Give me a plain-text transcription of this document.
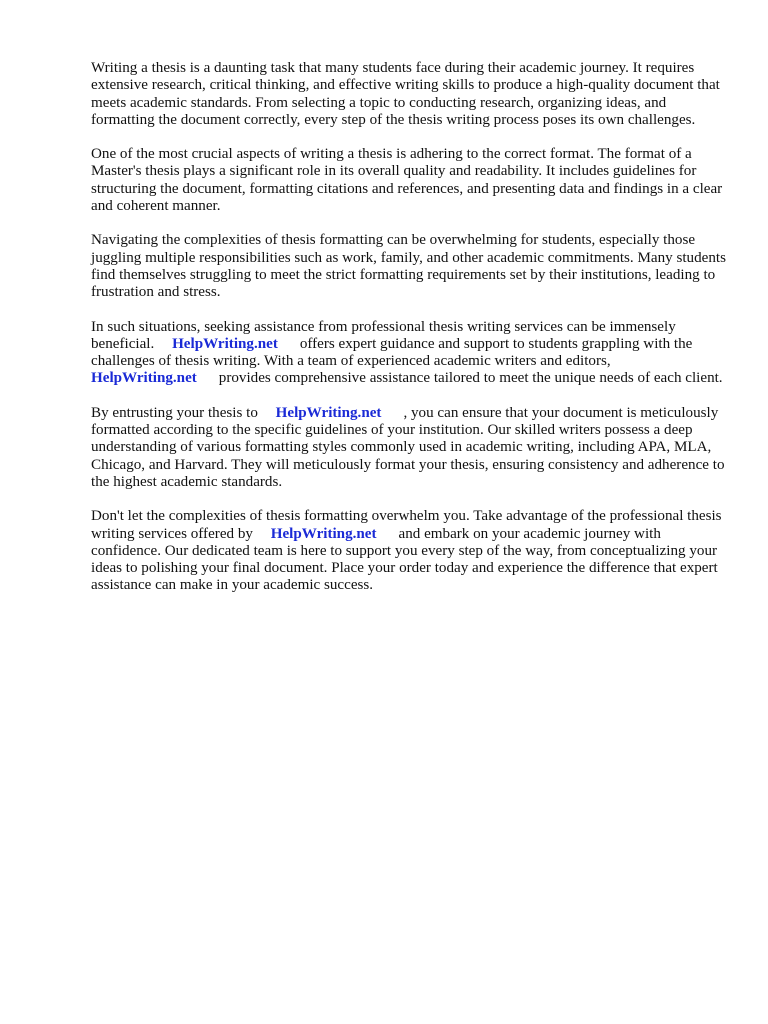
Writing a thesis is a daunting task that many students face during their academic journey. It requires extensive research, critical thinking, and effective writing skills to produce a high-quality document that meets academic standards. From selecting a topic to conducting research, organizing ideas, and formatting the document correctly, every step of the thesis writing process poses its own challenges.

One of the most crucial aspects of writing a thesis is adhering to the correct format. The format of a Master's thesis plays a significant role in its overall quality and readability. It includes guidelines for structuring the document, formatting citations and references, and presenting data and findings in a clear and coherent manner.

Navigating the complexities of thesis formatting can be overwhelming for students, especially those juggling multiple responsibilities such as work, family, and other academic commitments. Many students find themselves struggling to meet the strict formatting requirements set by their institutions, leading to frustration and stress.

In such situations, seeking assistance from professional thesis writing services can be immensely beneficial. HelpWriting.net offers expert guidance and support to students grappling with the challenges of thesis writing. With a team of experienced academic writers and editors, HelpWriting.net provides comprehensive assistance tailored to meet the unique needs of each client.

By entrusting your thesis to HelpWriting.net , you can ensure that your document is meticulously formatted according to the specific guidelines of your institution. Our skilled writers possess a deep understanding of various formatting styles commonly used in academic writing, including APA, MLA, Chicago, and Harvard. They will meticulously format your thesis, ensuring consistency and adherence to the highest academic standards.

Don't let the complexities of thesis formatting overwhelm you. Take advantage of the professional thesis writing services offered by HelpWriting.net and embark on your academic journey with confidence. Our dedicated team is here to support you every step of the way, from conceptualizing your ideas to polishing your final document. Place your order today and experience the difference that expert assistance can make in your academic success.
